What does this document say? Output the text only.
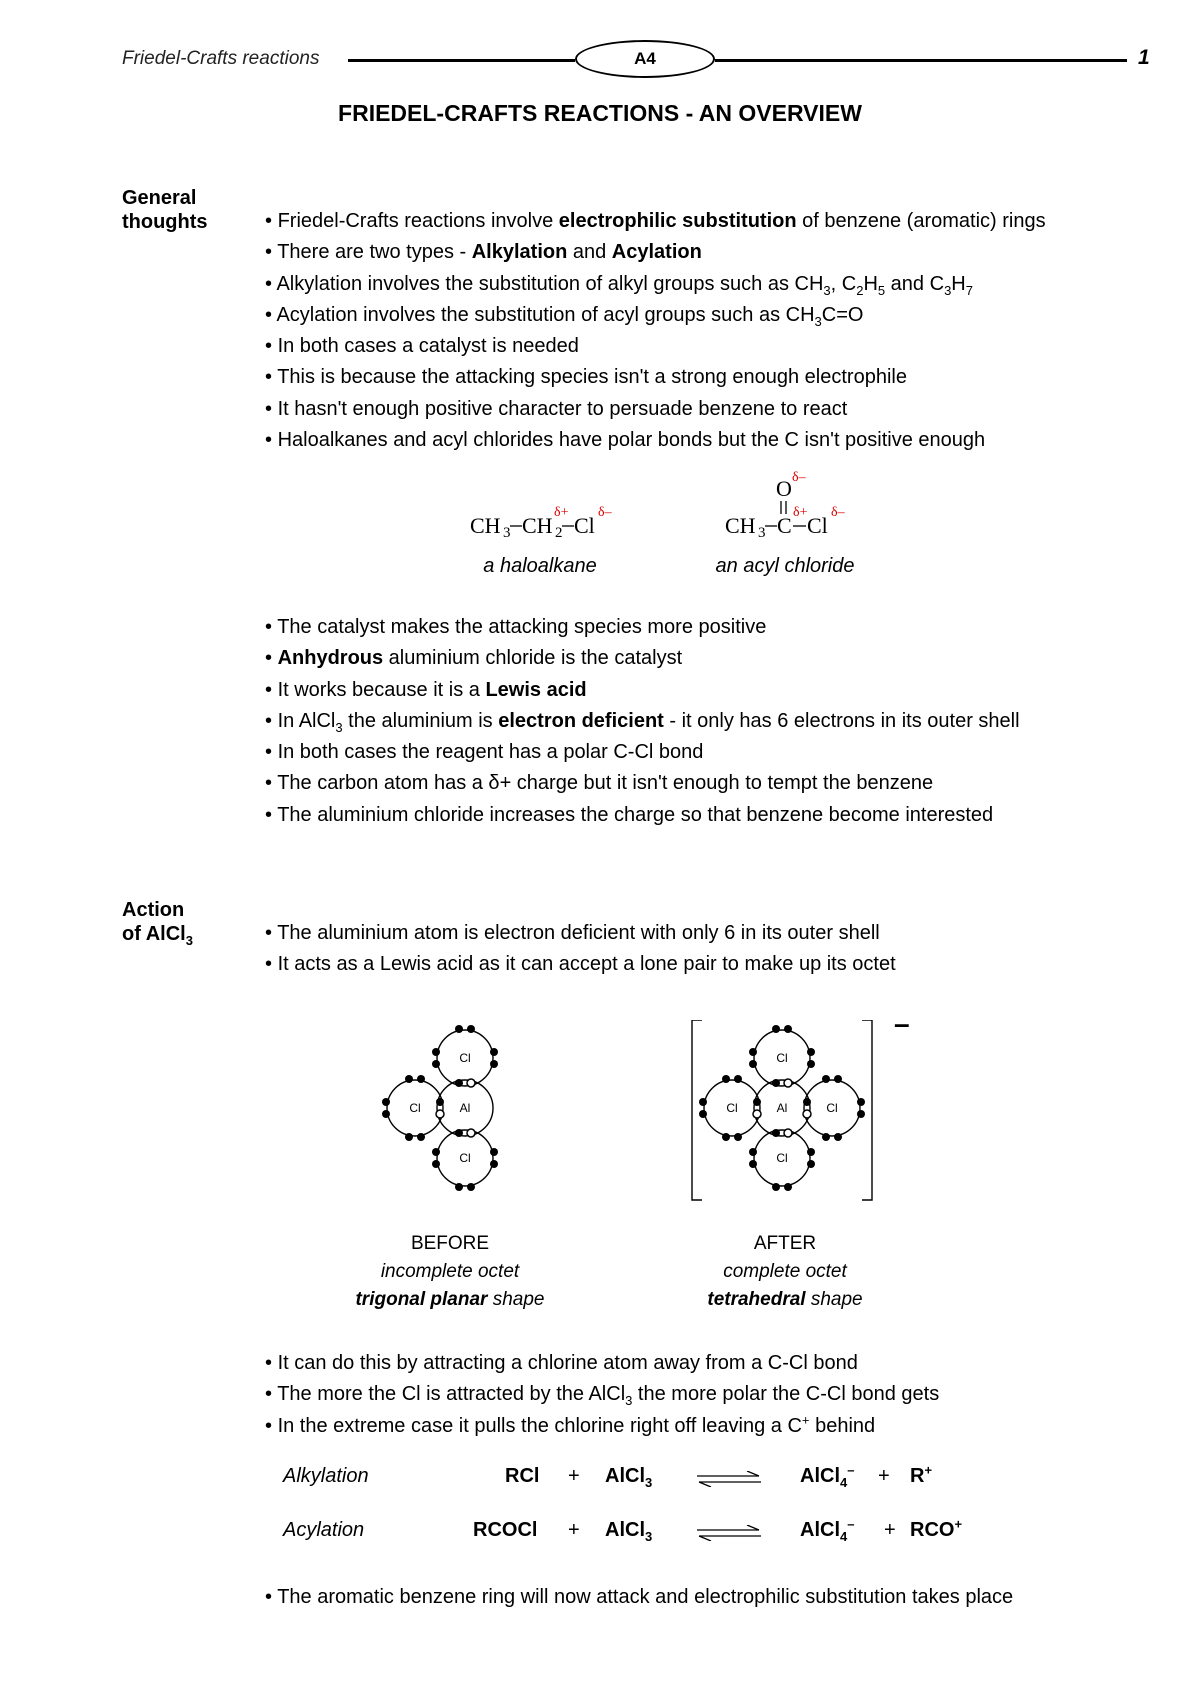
Friedel-Crafts reactions	A4	1
FRIEDEL-CRAFTS REACTIONS - AN OVERVIEW
General
thoughts	• Friedel-Crafts reactions involve electrophilic substitution of benzene (aromatic) rings
• There are two types - Alkylation and Acylation
• Alkylation involves the substitution of alkyl groups such as $CH_3$, $C_2H_5$ and $C_3H_7$
• Acylation involves the substitution of acyl groups such as $CH_3C=O$
• In both cases a catalyst is needed
• This is because the attacking species isn't a strong enough electrophile
• It hasn't enough positive character to persuade benzene to react
• Haloalkanes and acyl chlorides have polar bonds but the C isn't positive enough
CH 3 CH 2 Cl
δ+ δ–
a haloalkane
O δ–
CH 3 C Cl
δ+ δ–
an acyl chloride
• The catalyst makes the attacking species more positive
• Anhydrous aluminium chloride is the catalyst
• It works because it is a Lewis acid
• In AlCl$_3$ the aluminium is electron deficient - it only has 6 electrons in its outer shell
• In both cases the reagent has a polar C-Cl bond
• The carbon atom has a δ+ charge but it isn't enough to tempt the benzene
• The aluminium chloride increases the charge so that benzene become interested
Action
of AlCl$_3$	• The aluminium atom is electron deficient with only 6 in its outer shell
• It acts as a Lewis acid as it can accept a lone pair to make up its octet
Cl
Cl	Al
Cl
Cl
Cl	Al
Cl
Cl
–
BEFORE
incomplete octet
trigonal planar shape
AFTER
complete octet
tetrahedral shape
• It can do this by attracting a chlorine atom away from a C-Cl bond
• The more the Cl is attracted by the AlCl$_3$ the more polar the C-Cl bond gets
• In the extreme case it pulls the chlorine right off leaving a C+ behind
Alkylation	RCl + AlCl$_3$	AlCl$_4$– + R+
Acylation	RCOCl + AlCl$_3$	AlCl$_4$– + RCO+
• The aromatic benzene ring will now attack and electrophilic substitution takes place
